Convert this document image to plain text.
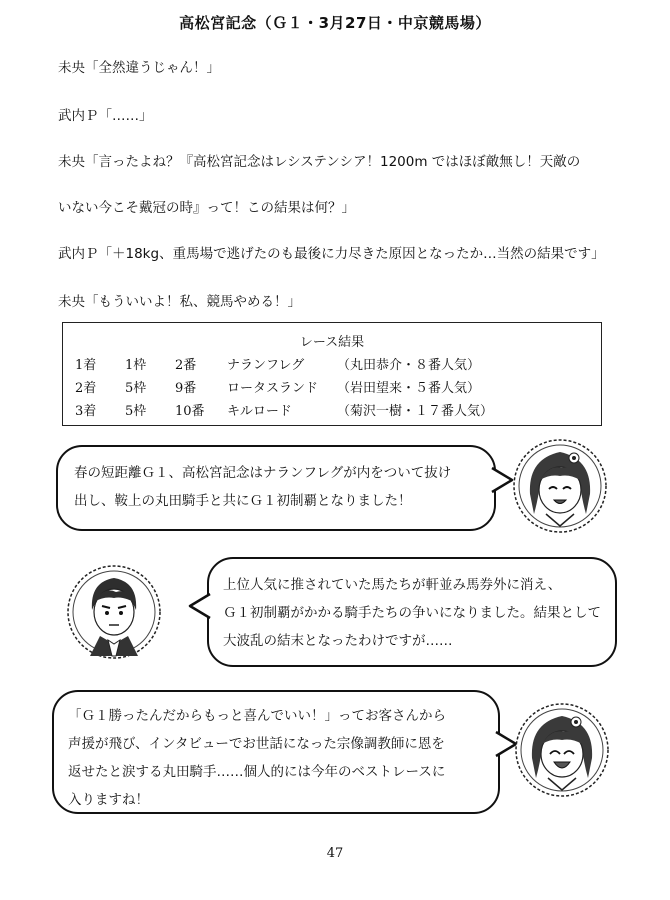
高松宮記念（Ｇ１・3月27日・中京競馬場）
未央「全然違うじゃん！」
武内Ｐ「……」
未央「言ったよね？『高松宮記念はレシステンシア！1200m ではほぼ敵無し！天敵の
いない今こそ戴冠の時』って！この結果は何？」
武内Ｐ「＋18kg、重馬場で逃げたのも最後に力尽きた原因となったか…当然の結果です」
未央「もういいよ！私、競馬やめる！」
レース結果
1着 1枠 2番 ナランフレグ	（丸田恭介・８番人気）
2着 5枠 9番 ロータスランド （岩田望来・５番人気）
3着 5枠 10番 キルロード	（菊沢一樹・１７番人気）
春の短距離Ｇ１、高松宮記念はナランフレグが内をついて抜け
出し、鞍上の丸田騎手と共にＧ１初制覇となりました！
上位人気に推されていた馬たちが軒並み馬券外に消え、
Ｇ１初制覇がかかる騎手たちの争いになりました。結果として
大波乱の結末となったわけですが……
「Ｇ１勝ったんだからもっと喜んでいい！」ってお客さんから
声援が飛び、インタビューでお世話になった宗像調教師に恩を
返せたと涙する丸田騎手……個人的には今年のベストレースに
入りますね！
47
